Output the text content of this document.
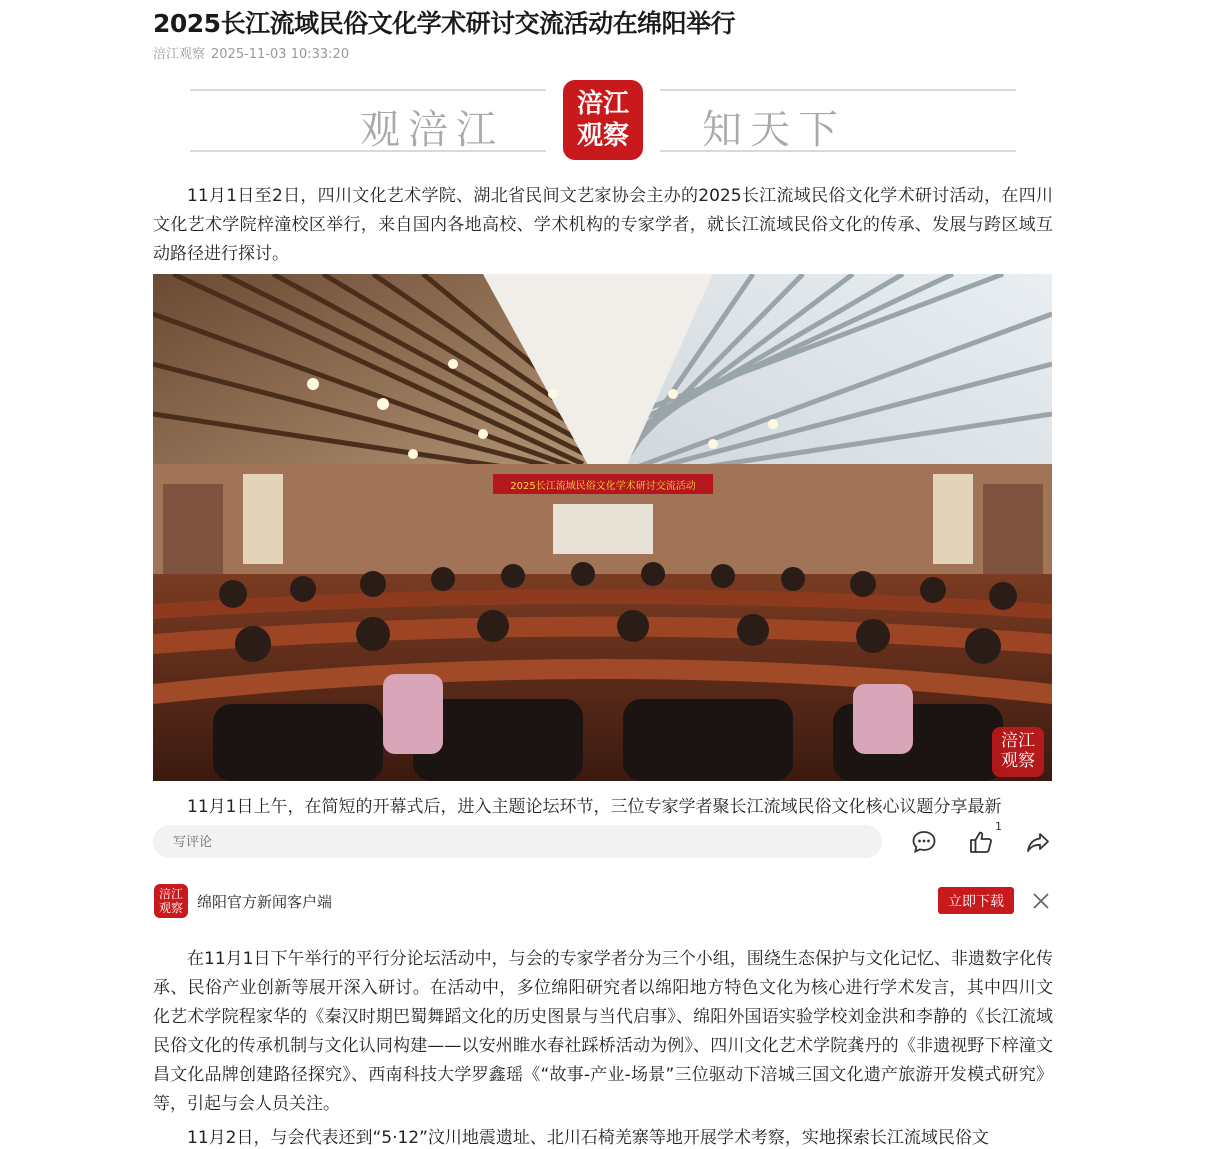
2025长江流域民俗文化学术研讨交流活动在绵阳举行
涪江观察 2025-11-03 10:33:20
观涪江
涪江
观察	知天下

11月1日至2日，四川文化艺术学院、湖北省民间文艺家协会主办的2025长江流域民俗文化学术研讨活动，在四川文化艺术学院梓潼校区举行，来自国内各地高校、学术机构的专家学者，就长江流域民俗文化的传承、发展与跨区域互动路径进行探讨。

2025长江流域民俗文化学术研讨交流活动
涪江
观察
11月1日上午，在简短的开幕式后，进入主题论坛环节，三位专家学者聚长江流域民俗文化核心议题分享最新
写评论
1
涪江
观察 绵阳官方新闻客户端	立即下载

在11月1日下午举行的平行分论坛活动中，与会的专家学者分为三个小组，围绕生态保护与文化记忆、非遗数字化传承、民俗产业创新等展开深入研讨。在活动中，多位绵阳研究者以绵阳地方特色文化为核心进行学术发言，其中四川文化艺术学院程家华的《秦汉时期巴蜀舞蹈文化的历史图景与当代启事》、绵阳外国语实验学校刘金洪和李静的《长江流域民俗文化的传承机制与文化认同构建——以安州睢水春社踩桥活动为例》、四川文化艺术学院龚丹的《非遗视野下梓潼文昌文化品牌创建路径探究》、西南科技大学罗鑫瑶《“故事-产业-场景”三位驱动下涪城三国文化遗产旅游开发模式研究》等，引起与会人员关注。

11月2日，与会代表还到“5·12”汶川地震遗址、北川石椅羌寨等地开展学术考察，实地探索长江流域民俗文
